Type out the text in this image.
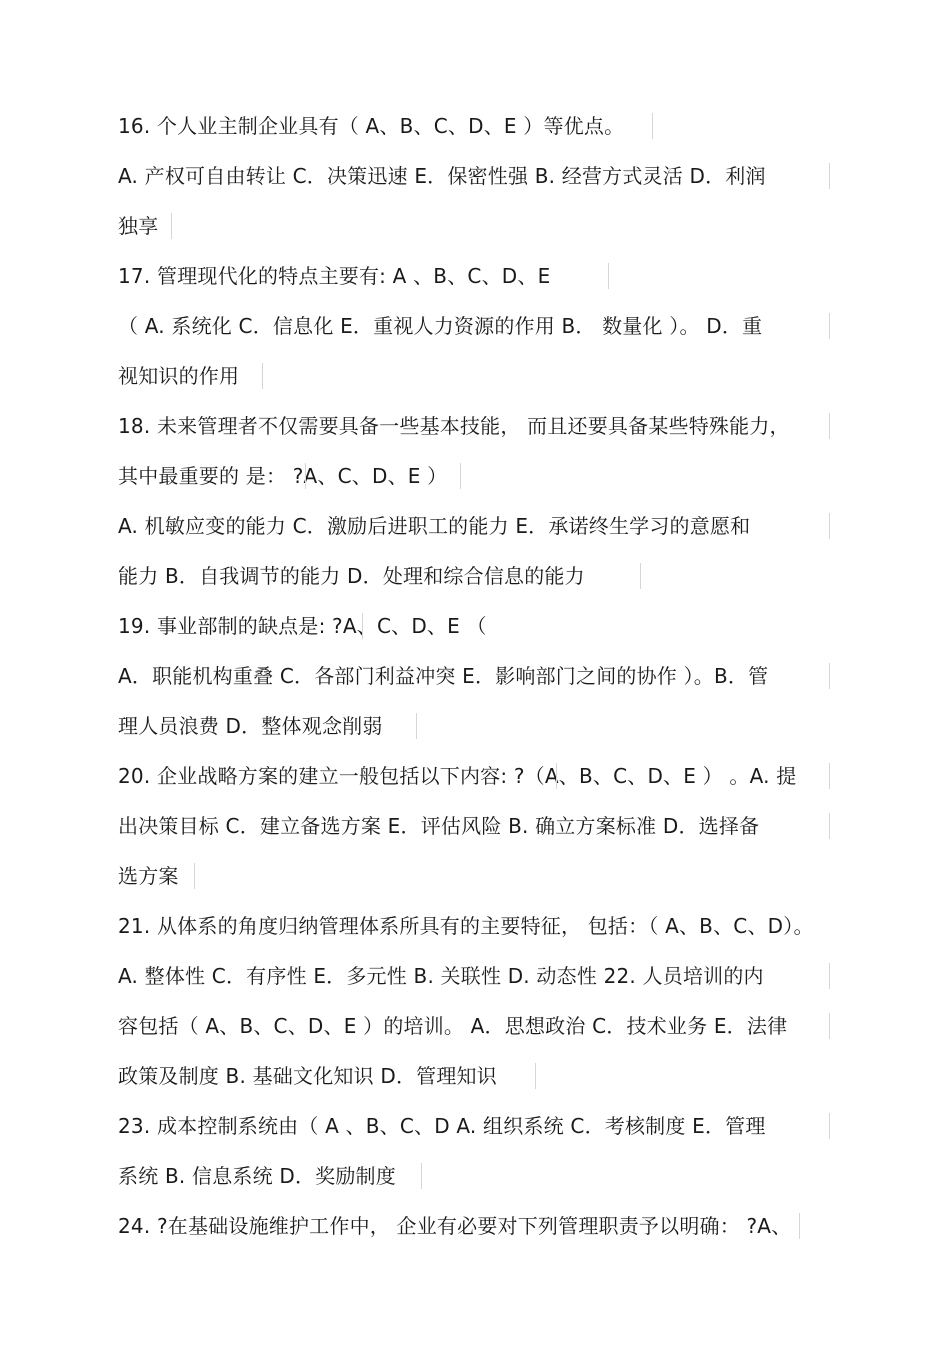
16. 个人业主制企业具有（ A、B、C、D、E ）等优点。
A. 产权可自由转让 C．决策迅速 E．保密性强 B. 经营方式灵活 D．利润
独享
17. 管理现代化的特点主要有: A 、B、C、D、E
（ A. 系统化 C．信息化 E．重视人力资源的作用 B． 数量化 ）。 D．重
视知识的作用
18. 未来管理者不仅需要具备一些基本技能， 而且还要具备某些特殊能力，
其中最重要的 是： ?A、C、D、E ）
A. 机敏应变的能力 C．激励后进职工的能力 E．承诺终生学习的意愿和
能力 B．自我调节的能力 D．处理和综合信息的能力
19. 事业部制的缺点是: ?A、C、D、E （
A．职能机构重叠 C．各部门利益冲突 E．影响部门之间的协作 ）。B．管
理人员浪费 D．整体观念削弱
20. 企业战略方案的建立一般包括以下内容: ?（A、B、C、D、E ） 。A. 提
出决策目标 C．建立备选方案 E．评估风险 B. 确立方案标准 D．选择备
选方案
21. 从体系的角度归纳管理体系所具有的主要特征， 包括：（ A、B、C、D）。
A. 整体性 C．有序性 E．多元性 B. 关联性 D. 动态性 22. 人员培训的内
容包括（ A、B、C、D、E ）的培训。 A．思想政治 C．技术业务 E．法律
政策及制度 B. 基础文化知识 D．管理知识
23. 成本控制系统由（ A 、B、C、D A. 组织系统 C．考核制度 E．管理
系统 B. 信息系统 D．奖励制度
24. ?在基础设施维护工作中， 企业有必要对下列管理职责予以明确： ?A、
